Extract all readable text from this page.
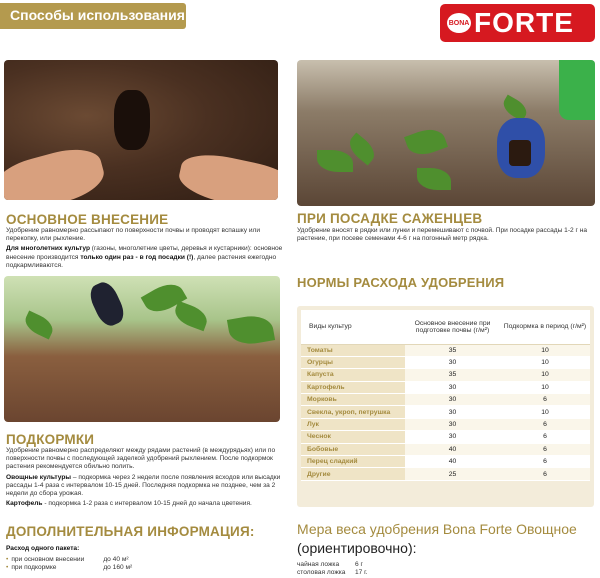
Способы использования	BONA FORTE
ОСНОВНОЕ ВНЕСЕНИЕ
Удобрение равномерно рассыпают по поверхности почвы и проводят вспашку или перекопку, или рыхление.
Для многолетних культур (газоны, многолетние цветы, деревья и кустарники): основное внесение производится только один раз - в год посадки (!), далее растения ежегодно подкармливаются.
ПРИ ПОСАДКЕ САЖЕНЦЕВ
Удобрение вносят в рядки или лунки и перемешивают с почвой. При посадке рассады 1-2 г на растение, при посеве семенами 4-6 г на погонный метр рядка.
НОРМЫ РАСХОДА УДОБРЕНИЯ
ПОДКОРМКИ
Удобрение равномерно распределяют между рядами растений (в междурядьях) или по поверхности почвы с последующей заделкой удобрений рыхлением. После подкормок растения рекомендуется обильно полить.
Овощные культуры – подкормка через 2 недели после появления всходов или высадки рассады 1-4 раза с интервалом 10-15 дней. Последняя подкормка не позднее, чем за 2 недели до сбора урожая.
Картофель - подкормка 1-2 раза с интервалом 10-15 дней до начала цветения.
ДОПОЛНИТЕЛЬНАЯ ИНФОРМАЦИЯ:
Расход одного пакета:
• при основном внесении	до 40 м²
• при подкормке	до 160 м²
Виды культур	Основное внесение при подготовке почвы (г/м²)	Подкормка в период (г/м²)
Томаты	35	10
Огурцы	30	10
Капуста	35	10
Картофель	30	10
Морковь	30	6
Свекла, укроп, петрушка	30	10
Лук	30	6
Чеснок	30	6
Бобовые	40	6
Перец сладкий	40	6
Другие	25	6
Мера веса удобрения Bona Forte Овощное
(ориентировочно):
чайная ложка	6 г
столовая ложка	17 г.
